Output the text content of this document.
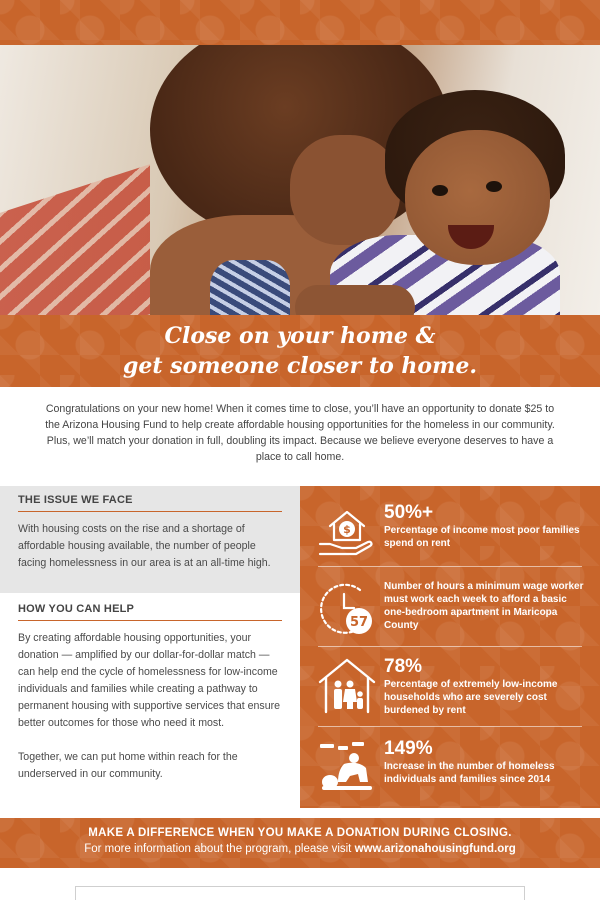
Close on your home &
get someone closer to home.

Congratulations on your new home! When it comes time to close, you’ll have an opportunity to donate $25 to the Arizona Housing Fund to help create affordable housing opportunities for the homeless in our community. Plus, we’ll match your donation in full, doubling its impact. Because we believe everyone deserves to have a place to call home.

THE ISSUE WE FACE

With housing costs on the rise and a shortage of affordable housing available, the number of people facing homelessness in our area is at an all-time high.

HOW YOU CAN HELP

By creating affordable housing opportunities, your donation — amplified by our dollar-for-dollar match — can help end the cycle of homelessness for low-income individuals and families while creating a pathway to permanent housing with supportive services that ensure better outcomes for those who need it most.

Together, we can put home within reach for the underserved in our community.

$
50%+
Percentage of income most poor families spend on rent
57
Number of hours a minimum wage worker must work each week to afford a basic one-bedroom apartment in Maricopa County
78%
Percentage of extremely low-income households who are severely cost burdened by rent
149%
Increase in the number of homeless individuals and families since 2014
MAKE A DIFFERENCE WHEN YOU MAKE A DONATION DURING CLOSING.
For more information about the program, please visit www.arizonahousingfund.org
